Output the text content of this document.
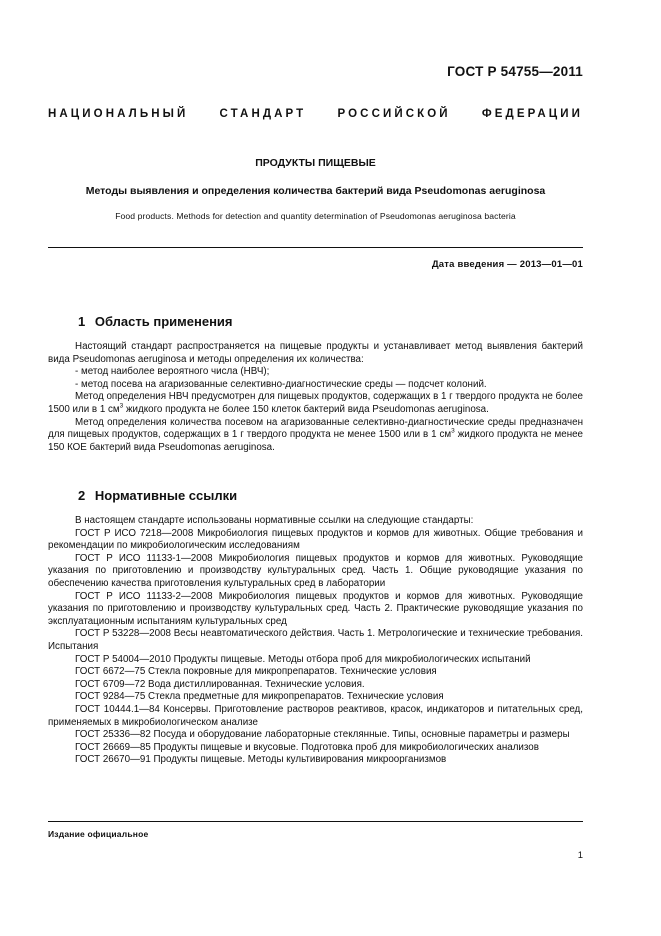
ГОСТ Р 54755—2011
НАЦИОНАЛЬНЫЙ СТАНДАРТ РОССИЙСКОЙ ФЕДЕРАЦИИ
ПРОДУКТЫ ПИЩЕВЫЕ
Методы выявления и определения количества бактерий вида Pseudomonas aeruginosa
Food products. Methods for detection and quantity determination of Pseudomonas aeruginosa bacteria
Дата введения — 2013—01—01
1 Область применения

Настоящий стандарт распространяется на пищевые продукты и устанавливает метод выявления бактерий вида Pseudomonas aeruginosa и методы определения их количества:

- метод наиболее вероятного числа (НВЧ);
- метод посева на агаризованные селективно-диагностические среды — подсчет колоний.

Метод определения НВЧ предусмотрен для пищевых продуктов, содержащих в 1 г твердого продукта не более 1500 или в 1 $см^3$ жидкого продукта не более 150 клеток бактерий вида Pseudomonas aeruginosa.

Метод определения количества посевом на агаризованные селективно-диагностические среды предназначен для пищевых продуктов, содержащих в 1 г твердого продукта не менее 1500 или в 1 $см^3$ жидкого продукта не менее 150 КОЕ бактерий вида Pseudomonas aeruginosa.

2 Нормативные ссылки

В настоящем стандарте использованы нормативные ссылки на следующие стандарты:

ГОСТ Р ИСО 7218—2008 Микробиология пищевых продуктов и кормов для животных. Общие требования и рекомендации по микробиологическим исследованиям
ГОСТ Р ИСО 11133-1—2008 Микробиология пищевых продуктов и кормов для животных. Руководящие указания по приготовлению и производству культуральных сред. Часть 1. Общие руководящие указания по обеспечению качества приготовления культуральных сред в лаборатории
ГОСТ Р ИСО 11133-2—2008 Микробиология пищевых продуктов и кормов для животных. Руководящие указания по приготовлению и производству культуральных сред. Часть 2. Практические руководящие указания по эксплуатационным испытаниям культуральных сред
ГОСТ Р 53228—2008 Весы неавтоматического действия. Часть 1. Метрологические и технические требования. Испытания
ГОСТ Р 54004—2010 Продукты пищевые. Методы отбора проб для микробиологических испытаний
ГОСТ 6672—75 Стекла покровные для микропрепаратов. Технические условия
ГОСТ 6709—72 Вода дистиллированная. Технические условия.
ГОСТ 9284—75 Стекла предметные для микропрепаратов. Технические условия
ГОСТ 10444.1—84 Консервы. Приготовление растворов реактивов, красок, индикаторов и питательных сред, применяемых в микробиологическом анализе
ГОСТ 25336—82 Посуда и оборудование лабораторные стеклянные. Типы, основные параметры и размеры
ГОСТ 26669—85 Продукты пищевые и вкусовые. Подготовка проб для микробиологических анализов
ГОСТ 26670—91 Продукты пищевые. Методы культивирования микроорганизмов
Издание официальное
1
